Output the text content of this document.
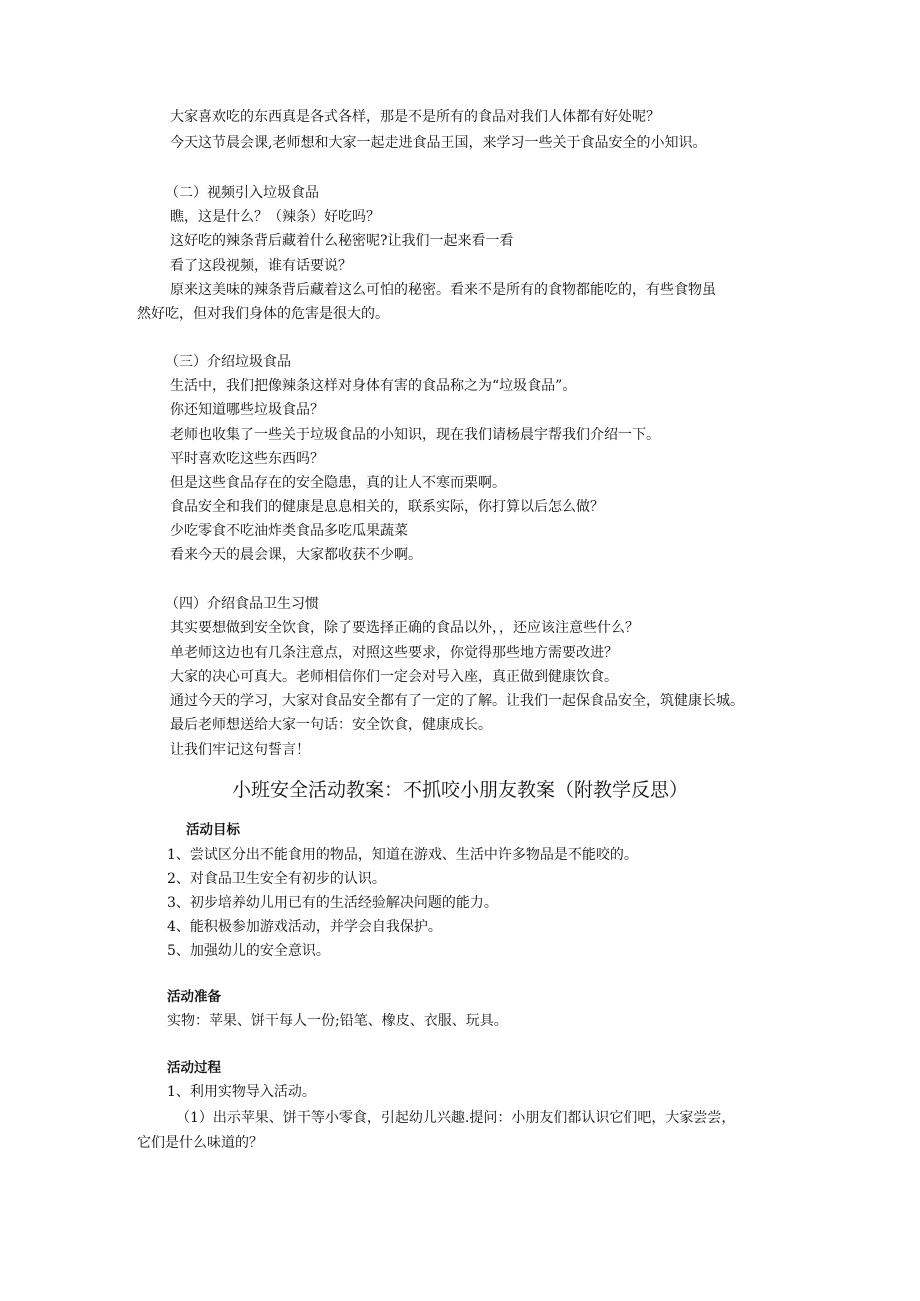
大家喜欢吃的东西真是各式各样，那是不是所有的食品对我们人体都有好处呢？
今天这节晨会课,老师想和大家一起走进食品王国，来学习一些关于食品安全的小知识。
（二）视频引入垃圾食品
瞧，这是什么？（辣条）好吃吗？
这好吃的辣条背后藏着什么秘密呢?让我们一起来看一看
看了这段视频，谁有话要说？
原来这美味的辣条背后藏着这么可怕的秘密。看来不是所有的食物都能吃的，有些食物虽
然好吃，但对我们身体的危害是很大的。
（三）介绍垃圾食品
生活中，我们把像辣条这样对身体有害的食品称之为“垃圾食品”。
你还知道哪些垃圾食品？
老师也收集了一些关于垃圾食品的小知识，现在我们请杨晨宇帮我们介绍一下。
平时喜欢吃这些东西吗？
但是这些食品存在的安全隐患，真的让人不寒而栗啊。
食品安全和我们的健康是息息相关的，联系实际，你打算以后怎么做？
少吃零食不吃油炸类食品多吃瓜果蔬菜
看来今天的晨会课，大家都收获不少啊。
（四）介绍食品卫生习惯
其实要想做到安全饮食，除了要选择正确的食品以外，，还应该注意些什么？
单老师这边也有几条注意点，对照这些要求，你觉得那些地方需要改进？
大家的决心可真大。老师相信你们一定会对号入座，真正做到健康饮食。
通过今天的学习，大家对食品安全都有了一定的了解。让我们一起保食品安全，筑健康长城。
最后老师想送给大家一句话：安全饮食，健康成长。
让我们牢记这句誓言！
小班安全活动教案：不抓咬小朋友教案（附教学反思）
活动目标
1、尝试区分出不能食用的物品，知道在游戏、生活中许多物品是不能咬的。
2、对食品卫生安全有初步的认识。
3、初步培养幼儿用已有的生活经验解决问题的能力。
4、能积极参加游戏活动，并学会自我保护。
5、加强幼儿的安全意识。
活动准备
实物：苹果、饼干每人一份;铅笔、橡皮、衣服、玩具。
活动过程
1、利用实物导入活动。
（1）出示苹果、饼干等小零食，引起幼儿兴趣.提问：小朋友们都认识它们吧，大家尝尝，
它们是什么味道的？
